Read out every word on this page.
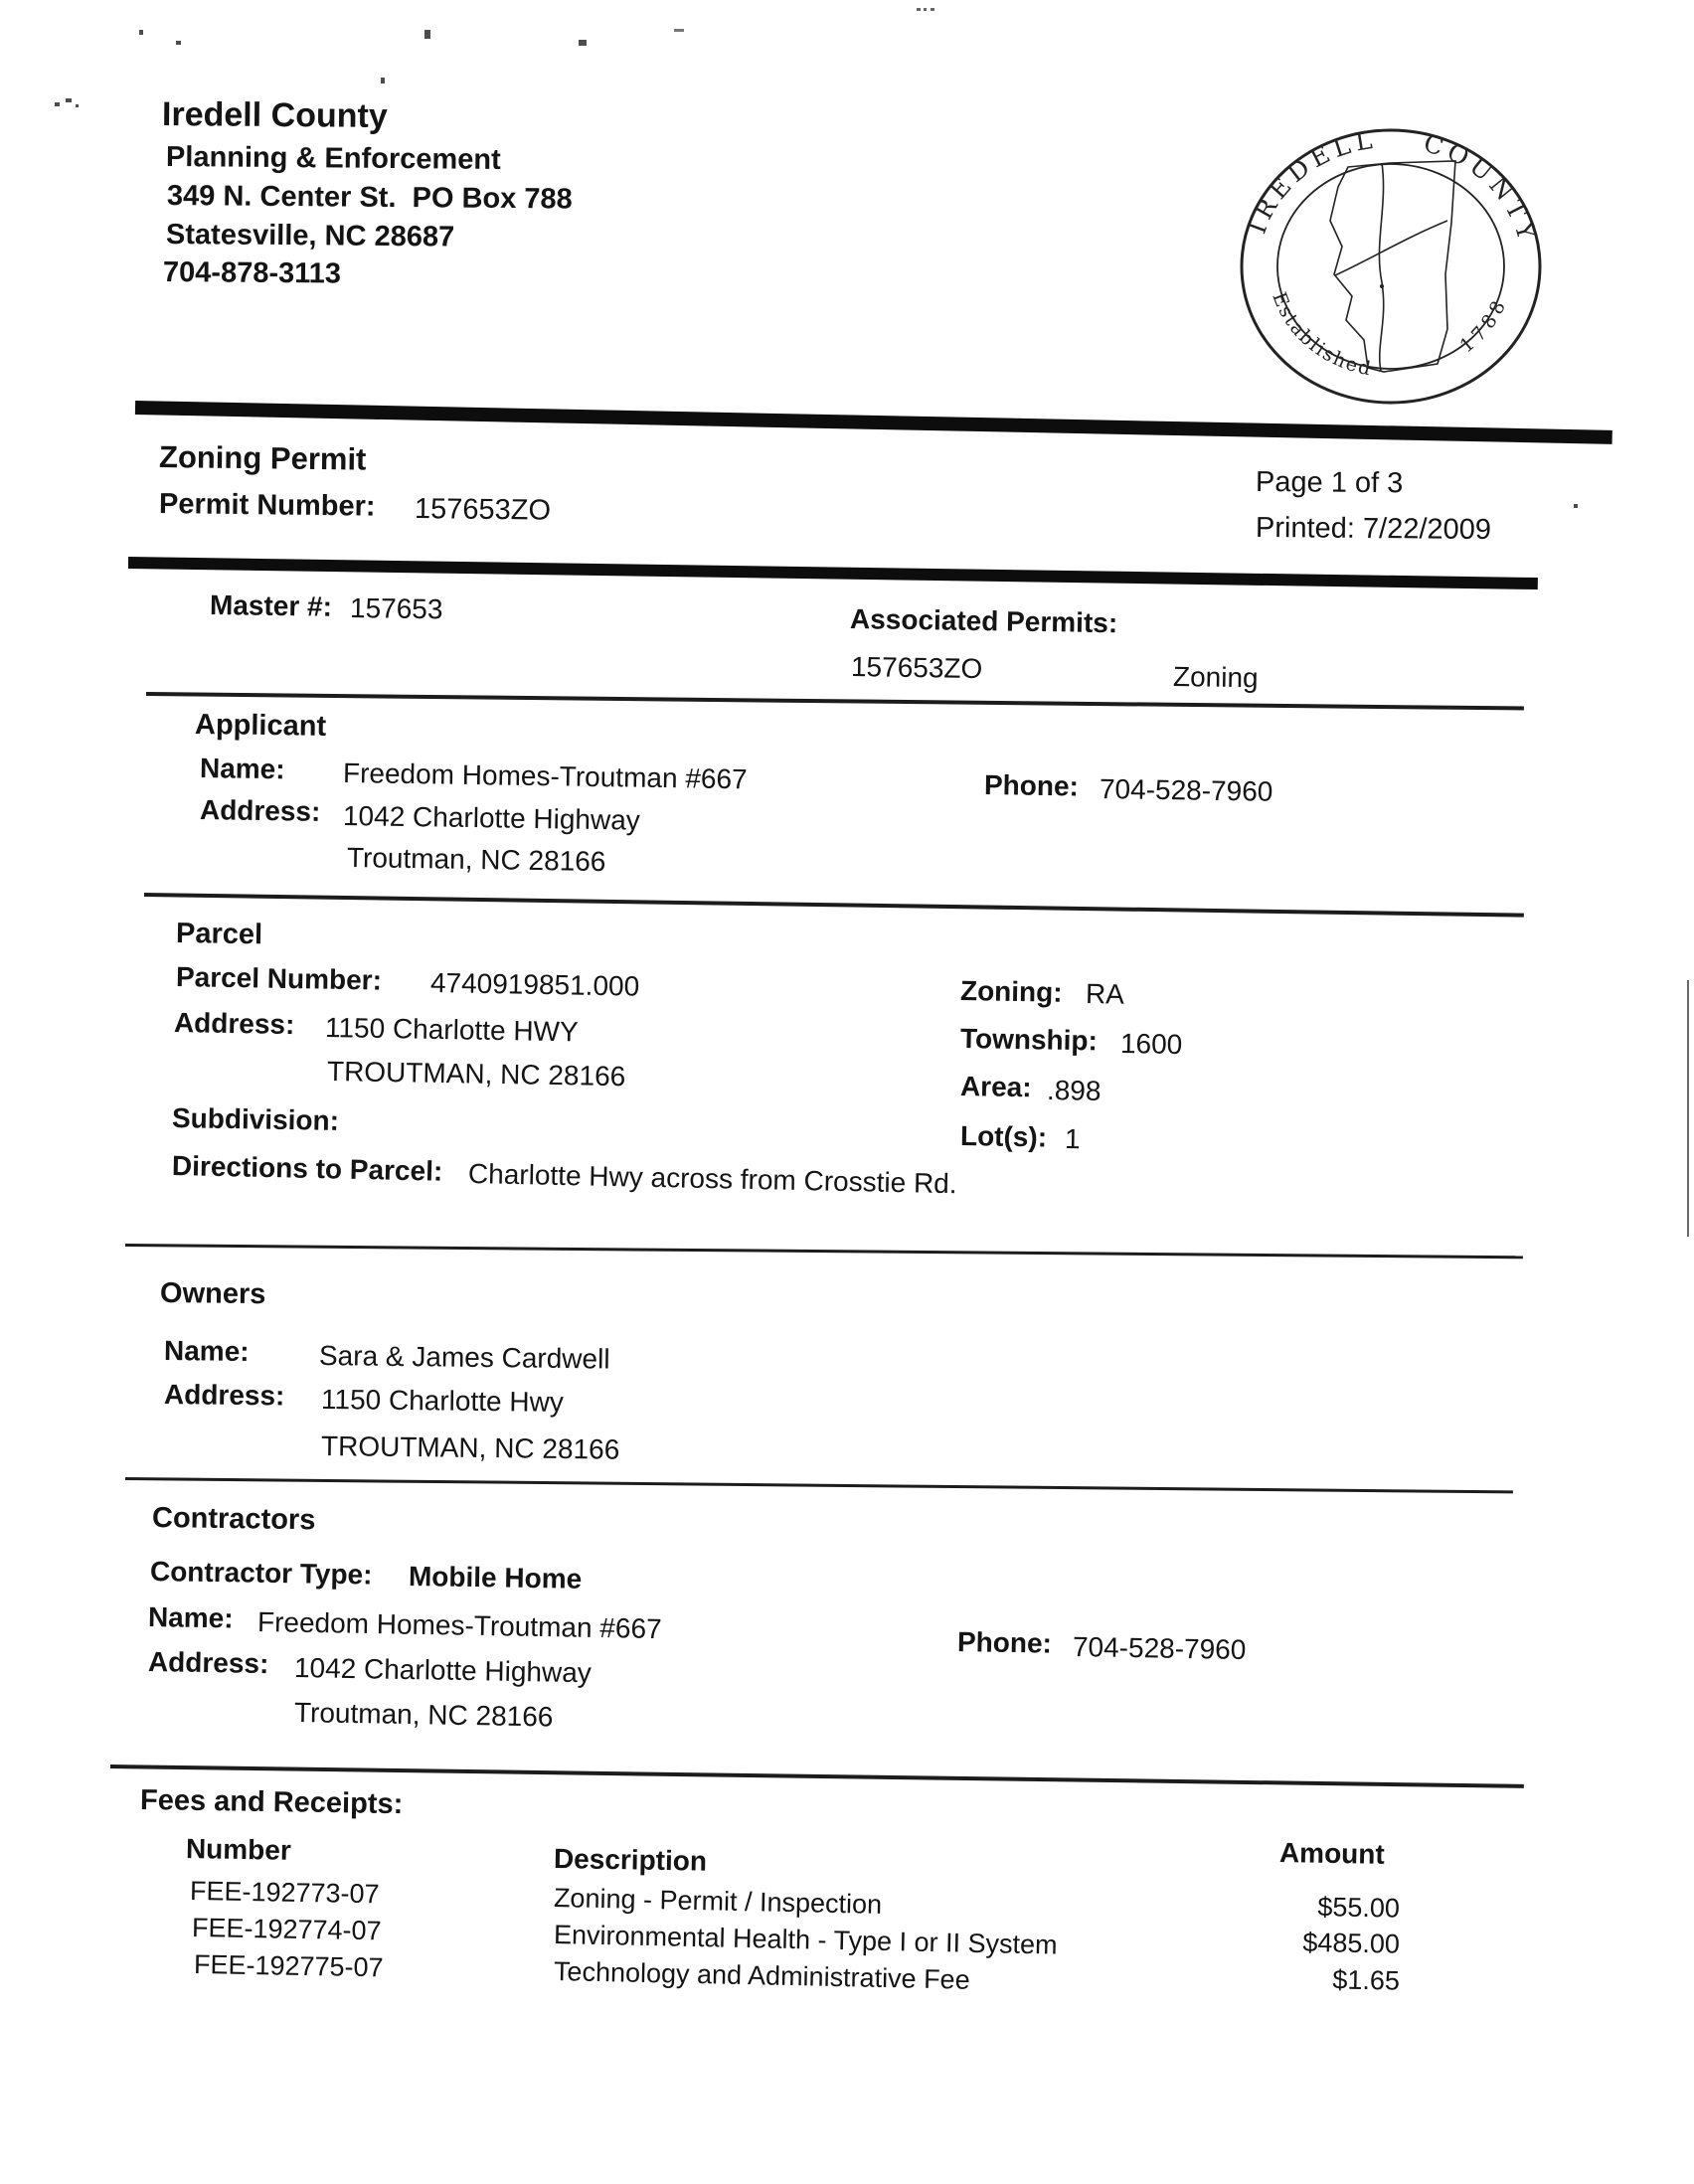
Iredell County
Planning & Enforcement
349 N. Center St.  PO Box 788
Statesville, NC 28687
704-878-3113
IREDELL COUNTY
Established
1788
Zoning Permit
Permit Number: 157653ZO
Page 1 of 3
Printed: 7/22/2009
Master #: 157653	Associated Permits:
157653ZO	Zoning
Applicant
Name: Freedom Homes-Troutman #667	Phone: 704-528-7960
Address: 1042 Charlotte Highway
Troutman, NC 28166
Parcel
Parcel Number: 4740919851.000	Zoning: RA
Address: 1150 Charlotte HWY	Township: 1600
TROUTMAN, NC 28166	Area: .898
Subdivision:
Lot(s): 1
Directions to Parcel: Charlotte Hwy across from Crosstie Rd.
Owners
Name:	Sara & James Cardwell
Address: 1150 Charlotte Hwy
TROUTMAN, NC 28166
Contractors
Contractor Type: Mobile Home
Name: Freedom Homes-Troutman #667	Phone: 704-528-7960
Address: 1042 Charlotte Highway
Troutman, NC 28166
Fees and Receipts:
Number	Description	Amount
FEE-192773-07	Zoning - Permit / Inspection	$55.00
FEE-192774-07	Environmental Health - Type I or II System	$485.00
FEE-192775-07	Technology and Administrative Fee	$1.65
